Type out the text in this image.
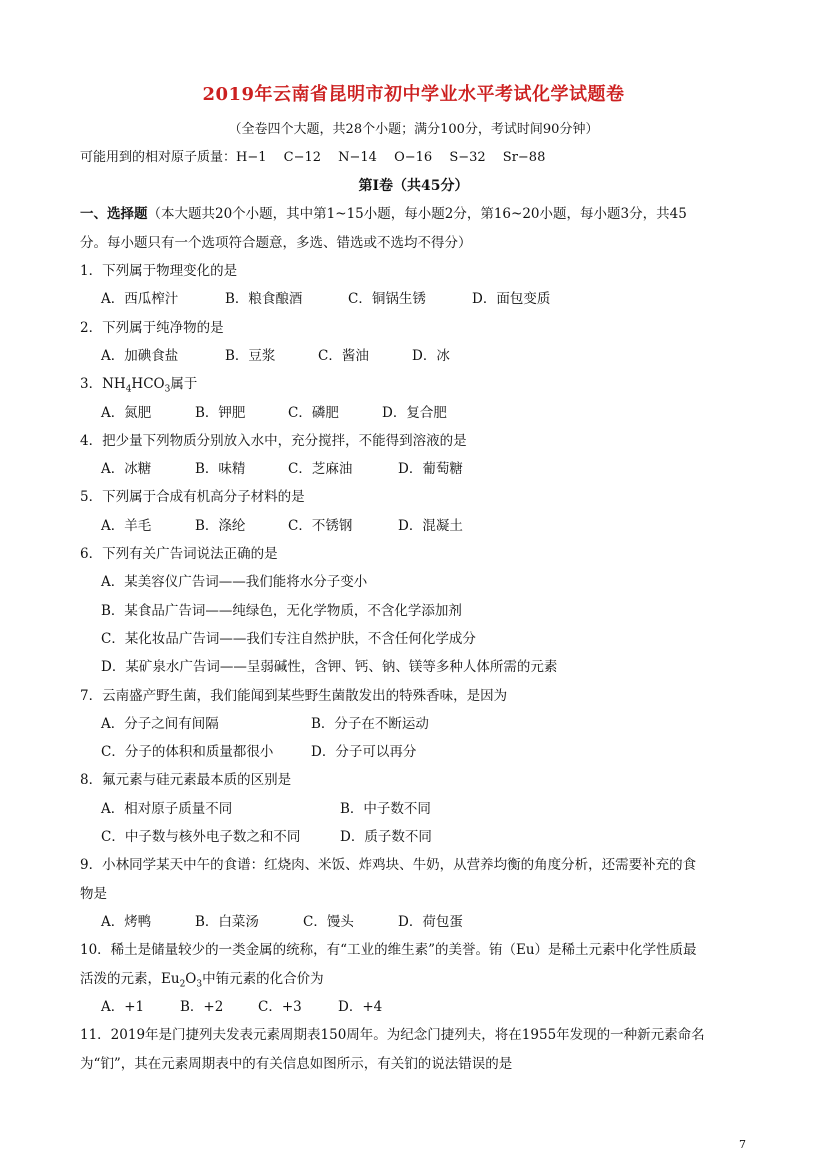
2019年云南省昆明市初中学业水平考试化学试题卷
（全卷四个大题，共28个小题；满分100分，考试时间90分钟）
可能用到的相对原子质量：H−1　 C−12　 N−14　 O−16　 S−32　 Sr−88
第Ⅰ卷（共45分）
一、选择题（本大题共20个小题，其中第1~15小题，每小题2分，第16~20小题，每小题3分，共45
分。每小题只有一个选项符合题意，多选、错选或不选均不得分）
1．下列属于物理变化的是
A．西瓜榨汁	B．粮食酿酒	C．铜锅生锈	D．面包变质
2．下列属于纯净物的是
A．加碘食盐	B．豆浆	C．酱油	D．冰
3．$NH_4HCO_3$属于
A．氮肥	B．钾肥	C．磷肥	D．复合肥
4．把少量下列物质分别放入水中，充分搅拌，不能得到溶液的是
A．冰糖	B．味精	C．芝麻油	D．葡萄糖
5．下列属于合成有机高分子材料的是
A．羊毛	B．涤纶	C．不锈钢	D．混凝土
6．下列有关广告词说法正确的是
A．某美容仪广告词——我们能将水分子变小
B．某食品广告词——纯绿色，无化学物质，不含化学添加剂
C．某化妆品广告词——我们专注自然护肤，不含任何化学成分
D．某矿泉水广告词——呈弱碱性，含钾、钙、钠、镁等多种人体所需的元素
7．云南盛产野生菌，我们能闻到某些野生菌散发出的特殊香味，是因为
A．分子之间有间隔	B．分子在不断运动
C．分子的体积和质量都很小	D．分子可以再分
8．氟元素与硅元素最本质的区别是
A．相对原子质量不同	B．中子数不同
C．中子数与核外电子数之和不同	D．质子数不同
9．小林同学某天中午的食谱：红烧肉、米饭、炸鸡块、牛奶，从营养均衡的角度分析，还需要补充的食
物是
A．烤鸭	B．白菜汤	C．馒头	D．荷包蛋
10．稀土是储量较少的一类金属的统称，有“工业的维生素”的美誉。铕（Eu）是稀土元素中化学性质最
活泼的元素，$Eu_2O_3$中铕元素的化合价为
A．+1	B．+2	C．+3	D．+4
11．2019年是门捷列夫发表元素周期表150周年。为纪念门捷列夫，将在1955年发现的一种新元素命名
为“钔”，其在元素周期表中的有关信息如图所示，有关钔的说法错误的是
7
